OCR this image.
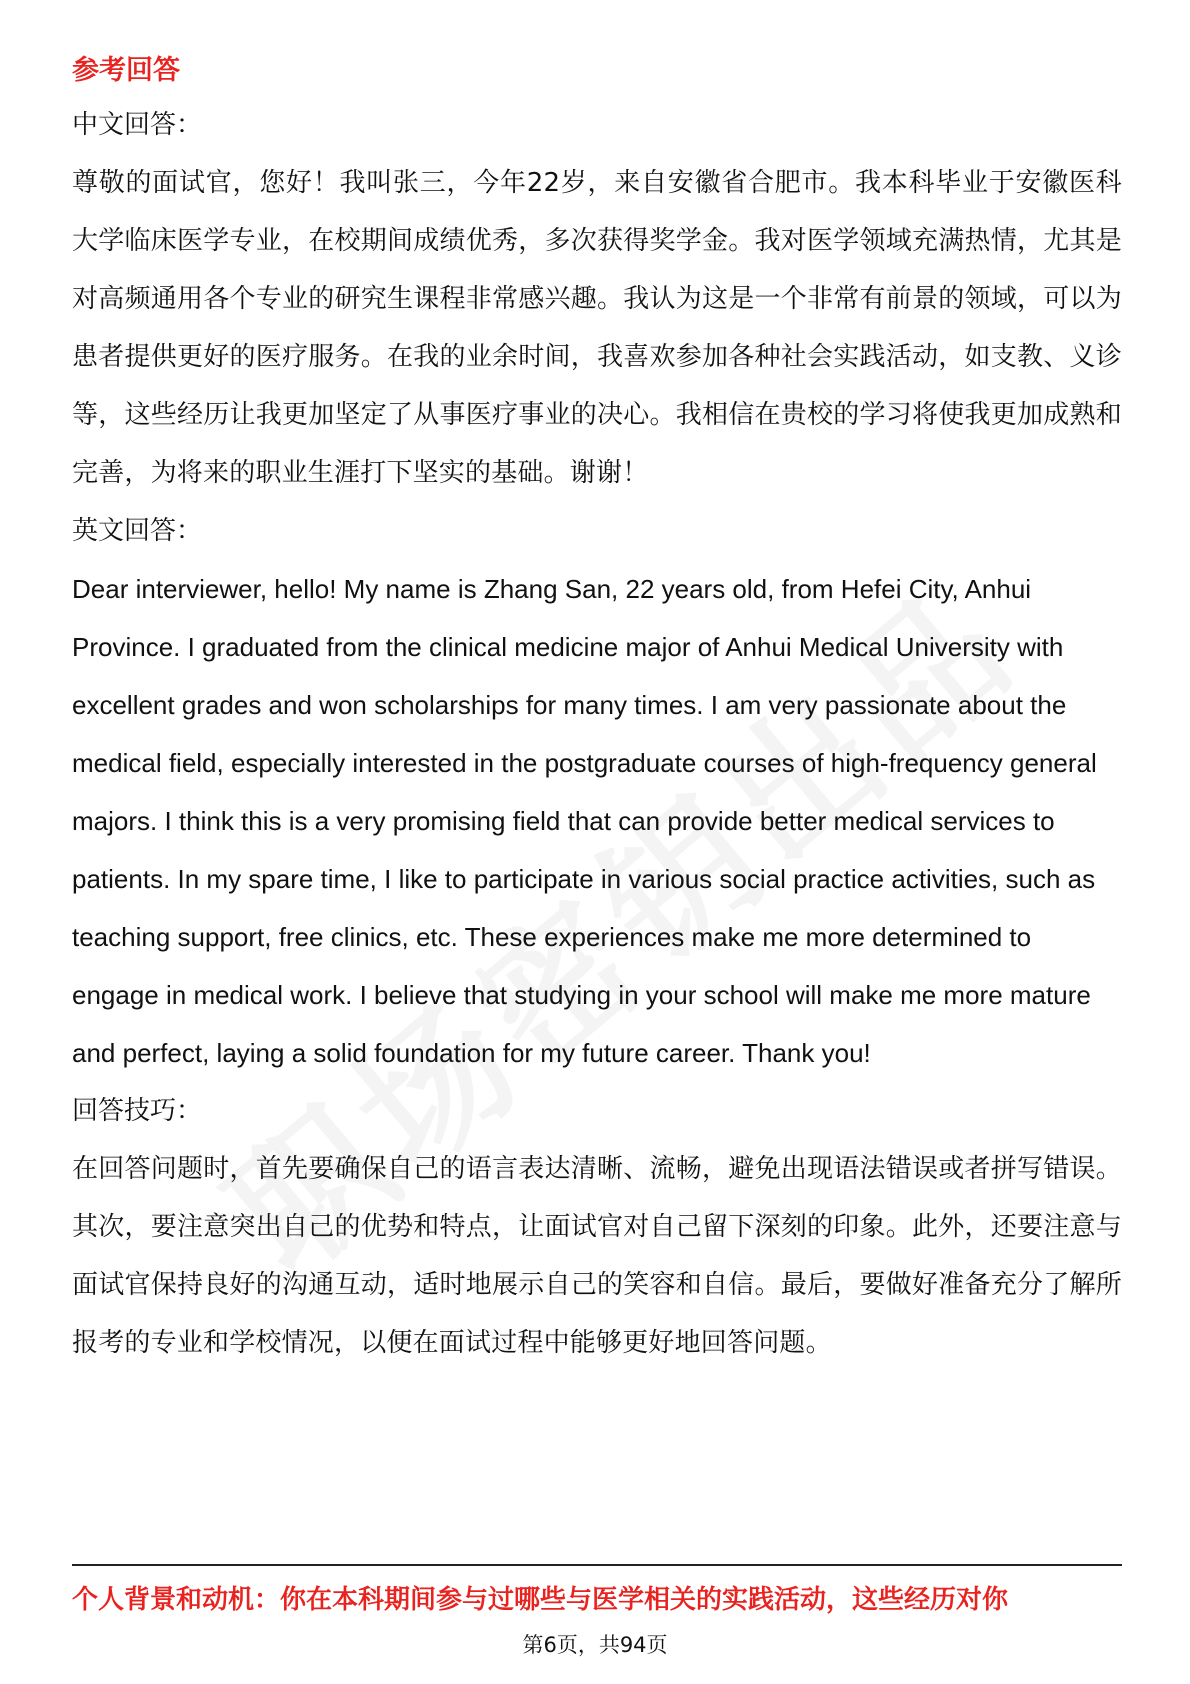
参考回答

中文回答：

尊敬的面试官，您好！我叫张三，今年22岁，来自安徽省合肥市。我本科毕业于安徽医科大学临床医学专业，在校期间成绩优秀，多次获得奖学金。我对医学领域充满热情，尤其是对高频通用各个专业的研究生课程非常感兴趣。我认为这是一个非常有前景的领域，可以为患者提供更好的医疗服务。在我的业余时间，我喜欢参加各种社会实践活动，如支教、义诊等，这些经历让我更加坚定了从事医疗事业的决心。我相信在贵校的学习将使我更加成熟和完善，为将来的职业生涯打下坚实的基础。谢谢！

英文回答：

Dear interviewer, hello! My name is Zhang San, 22 years old, from Hefei City, Anhui Province. I graduated from the clinical medicine major of Anhui Medical University with excellent grades and won scholarships for many times. I am very passionate about the medical field, especially interested in the postgraduate courses of high-frequency general majors. I think this is a very promising field that can provide better medical services to patients. In my spare time, I like to participate in various social practice activities, such as teaching support, free clinics, etc. These experiences make me more determined to engage in medical work. I believe that studying in your school will make me more mature and perfect, laying a solid foundation for my future career. Thank you!

回答技巧：

在回答问题时，首先要确保自己的语言表达清晰、流畅，避免出现语法错误或者拼写错误。其次，要注意突出自己的优势和特点，让面试官对自己留下深刻的印象。此外，还要注意与面试官保持良好的沟通互动，适时地展示自己的笑容和自信。最后，要做好准备充分了解所报考的专业和学校情况，以便在面试过程中能够更好地回答问题。

个人背景和动机：你在本科期间参与过哪些与医学相关的实践活动，这些经历对你
第6页，共94页
